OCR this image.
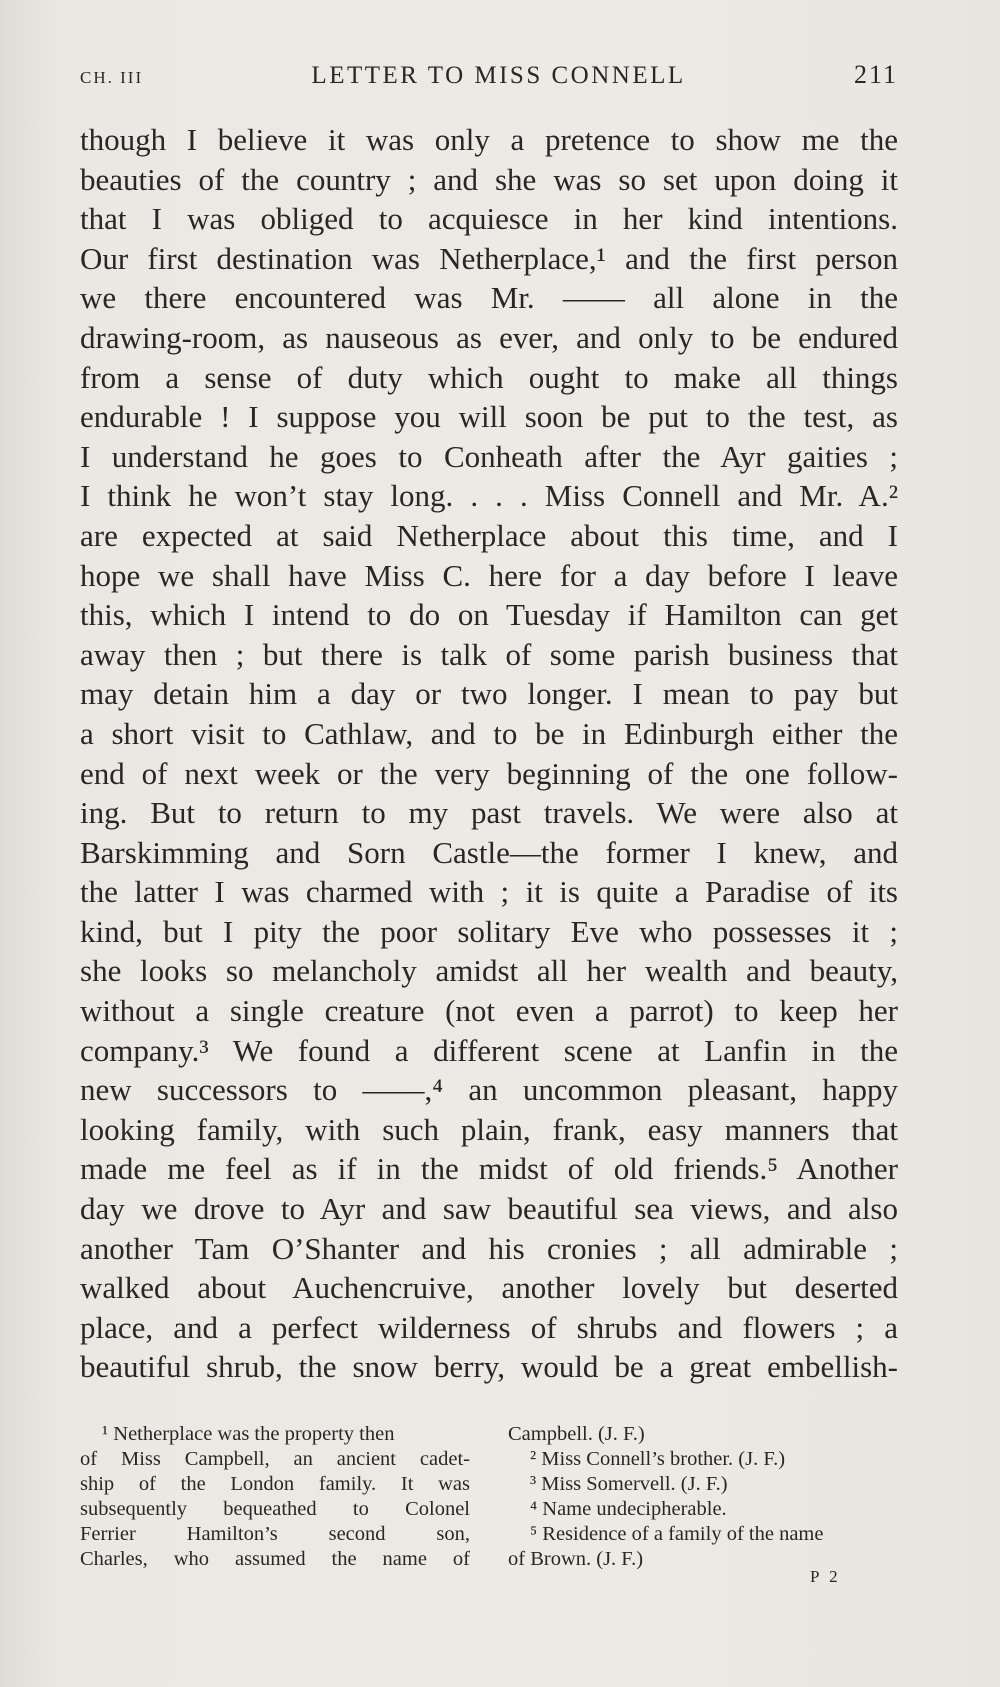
CH. III	LETTER TO MISS CONNELL	211
though I believe it was only a pretence to show me the
beauties of the country ; and she was so set upon doing it
that I was obliged to acquiesce in her kind intentions.
Our first destination was Netherplace,¹ and the first person
we there encountered was Mr. —— all alone in the
drawing-room, as nauseous as ever, and only to be endured
from a sense of duty which ought to make all things
endurable ! I suppose you will soon be put to the test, as
I understand he goes to Conheath after the Ayr gaities ;
I think he won’t stay long. . . . Miss Connell and Mr. A.²
are expected at said Netherplace about this time, and I
hope we shall have Miss C. here for a day before I leave
this, which I intend to do on Tuesday if Hamilton can get
away then ; but there is talk of some parish business that
may detain him a day or two longer. I mean to pay but
a short visit to Cathlaw, and to be in Edinburgh either the
end of next week or the very beginning of the one follow-
ing. But to return to my past travels. We were also at
Barskimming and Sorn Castle—the former I knew, and
the latter I was charmed with ; it is quite a Paradise of its
kind, but I pity the poor solitary Eve who possesses it ;
she looks so melancholy amidst all her wealth and beauty,
without a single creature (not even a parrot) to keep her
company.³ We found a different scene at Lanfin in the
new successors to ——,⁴ an uncommon pleasant, happy
looking family, with such plain, frank, easy manners that
made me feel as if in the midst of old friends.⁵ Another
day we drove to Ayr and saw beautiful sea views, and also
another Tam O’Shanter and his cronies ; all admirable ;
walked about Auchencruive, another lovely but deserted
place, and a perfect wilderness of shrubs and flowers ; a
beautiful shrub, the snow berry, would be a great embellish-
¹ Netherplace was the property then
of Miss Campbell, an ancient cadet-
ship of the London family. It was
subsequently bequeathed to Colonel
Ferrier Hamilton’s second son,
Charles, who assumed the name of
Campbell. (J. F.)
² Miss Connell’s brother. (J. F.)
³ Miss Somervell. (J. F.)
⁴ Name undecipherable.
⁵ Residence of a family of the name
of Brown. (J. F.)
P 2
